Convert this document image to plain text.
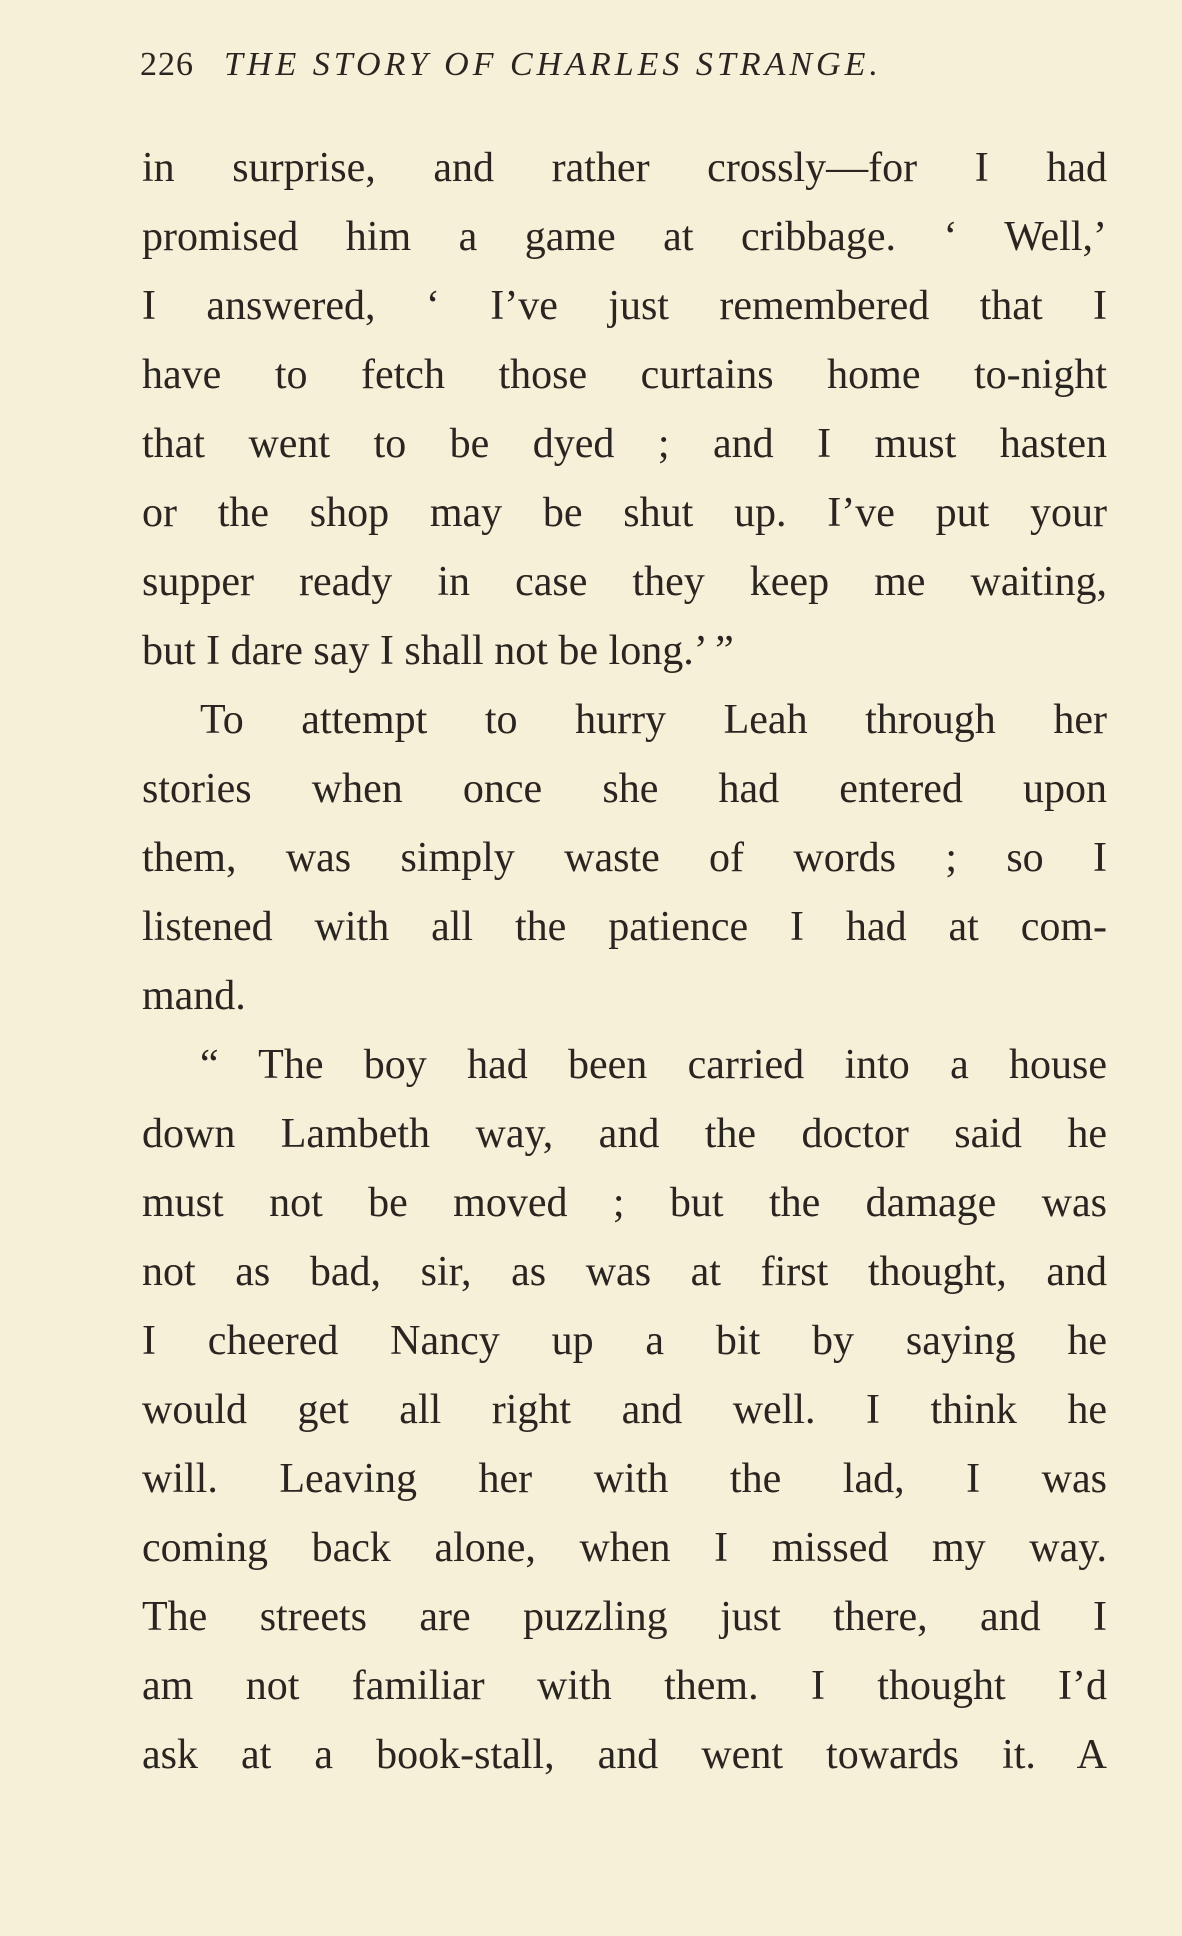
226 THE STORY OF CHARLES STRANGE.
in surprise, and rather crossly—for I had
promised him a game at cribbage. ‘ Well,’
I answered, ‘ I’ve just remembered that I
have to fetch those curtains home to-night
that went to be dyed ; and I must hasten
or the shop may be shut up. I’ve put your
supper ready in case they keep me waiting,
but I dare say I shall not be long.’ ”
To attempt to hurry Leah through her
stories when once she had entered upon
them, was simply waste of words ; so I
listened with all the patience I had at com-
mand.
“ The boy had been carried into a house
down Lambeth way, and the doctor said he
must not be moved ; but the damage was
not as bad, sir, as was at first thought, and
I cheered Nancy up a bit by saying he
would get all right and well. I think he
will. Leaving her with the lad, I was
coming back alone, when I missed my way.
The streets are puzzling just there, and I
am not familiar with them. I thought I’d
ask at a book-stall, and went towards it. A
